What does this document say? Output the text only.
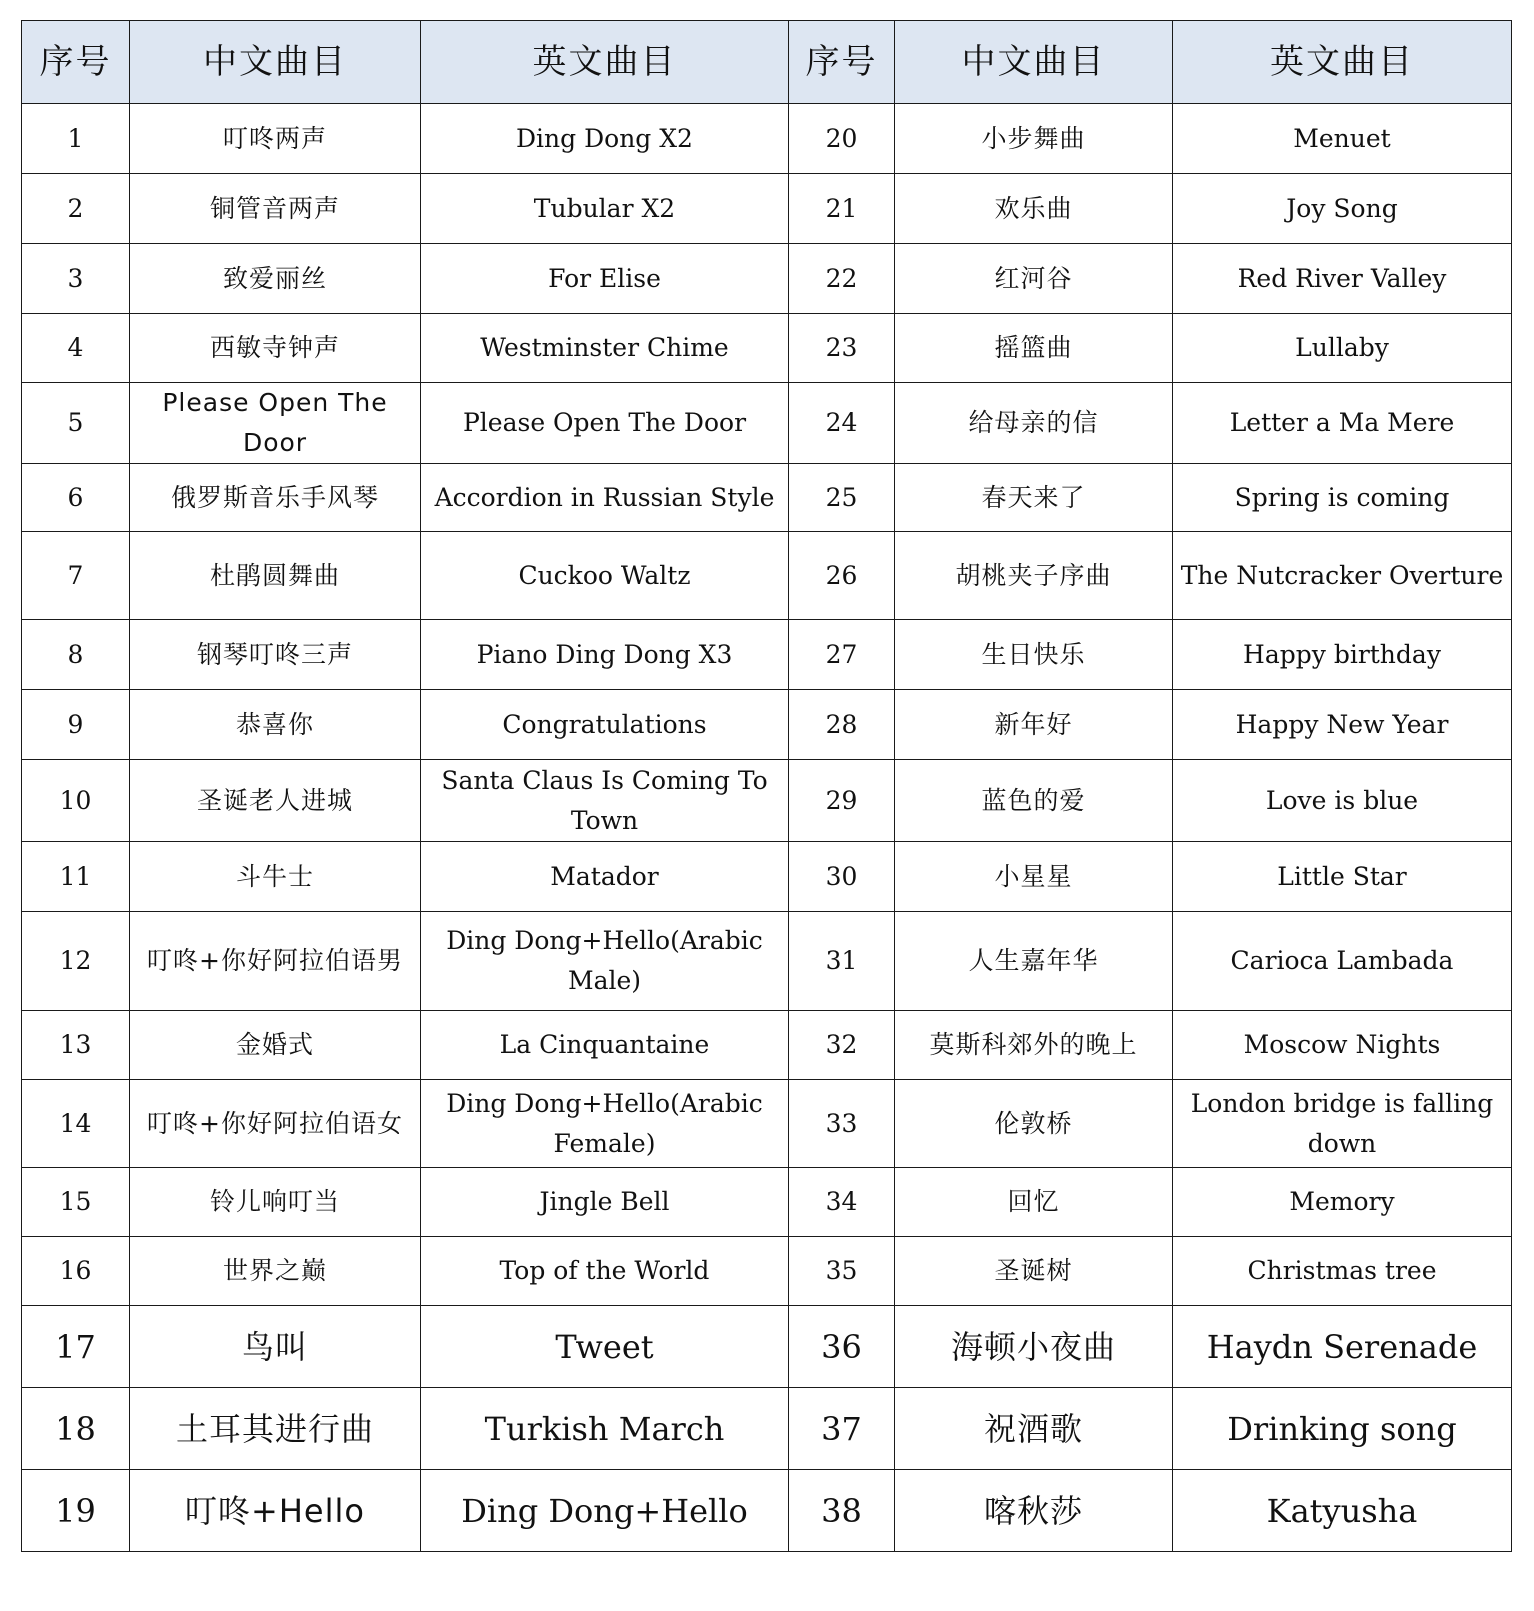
序号	中文曲目	英文曲目	序号	中文曲目	英文曲目
1	叮咚两声	Ding Dong X2	20	小步舞曲	Menuet
2	铜管音两声	Tubular X2	21	欢乐曲	Joy Song
3	致爱丽丝	For Elise	22	红河谷	Red River Valley
4	西敏寺钟声	Westminster Chime	23	摇篮曲	Lullaby
5	Please Open The Door	Please Open The Door	24	给母亲的信	Letter a Ma Mere
6	俄罗斯音乐手风琴	Accordion in Russian Style	25	春天来了	Spring is coming
7	杜鹃圆舞曲	Cuckoo Waltz	26	胡桃夹子序曲	The Nutcracker Overture
8	钢琴叮咚三声	Piano Ding Dong X3	27	生日快乐	Happy birthday
9	恭喜你	Congratulations	28	新年好	Happy New Year
10	圣诞老人进城	Santa Claus Is Coming To Town	29	蓝色的爱	Love is blue
11	斗牛士	Matador	30	小星星	Little Star
12	叮咚+你好阿拉伯语男	Ding Dong+Hello(Arabic Male)	31	人生嘉年华	Carioca Lambada
13	金婚式	La Cinquantaine	32	莫斯科郊外的晚上	Moscow Nights
14	叮咚+你好阿拉伯语女	Ding Dong+Hello(Arabic Female)	33	伦敦桥	London bridge is falling down
15	铃儿响叮当	Jingle Bell	34	回忆	Memory
16	世界之巅	Top of the World	35	圣诞树	Christmas tree
17	鸟叫	Tweet	36	海顿小夜曲	Haydn Serenade
18	土耳其进行曲	Turkish March	37	祝酒歌	Drinking song
19	叮咚+Hello	Ding Dong+Hello	38	喀秋莎	Katyusha
